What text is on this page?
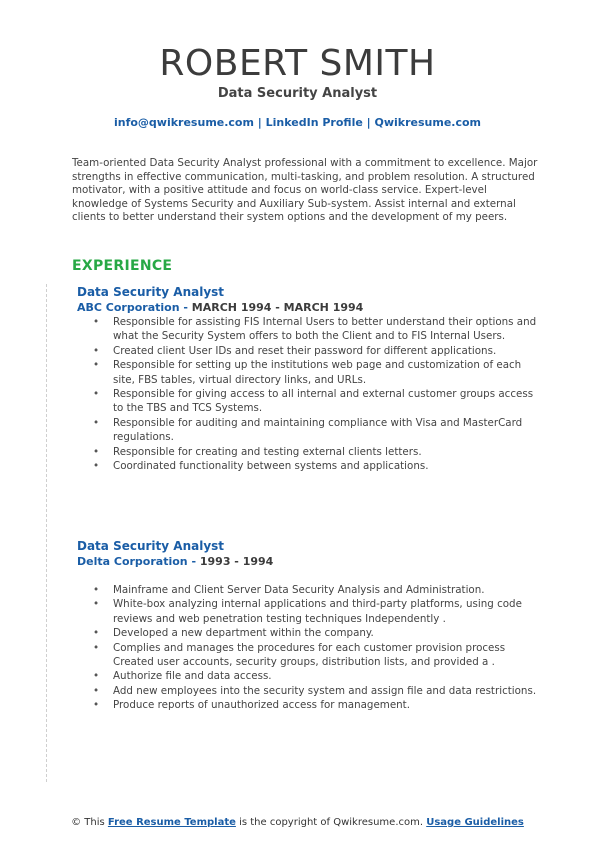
ROBERT SMITH
Data Security Analyst
info@qwikresume.com | LinkedIn Profile | Qwikresume.com
Team-oriented Data Security Analyst professional with a commitment to excellence. Major strengths in effective communication, multi-tasking, and problem resolution. A structured motivator, with a positive attitude and focus on world-class service. Expert-level knowledge of Systems Security and Auxiliary Sub-system. Assist internal and external clients to better understand their system options and the development of my peers.
EXPERIENCE
Data Security Analyst
ABC Corporation - MARCH 1994 - MARCH 1994
• Responsible for assisting FIS Internal Users to better understand their options and what the Security System offers to both the Client and to FIS Internal Users.
• Created client User IDs and reset their password for different applications.
• Responsible for setting up the institutions web page and customization of each site, FBS tables, virtual directory links, and URLs.
• Responsible for giving access to all internal and external customer groups access to the TBS and TCS Systems.
• Responsible for auditing and maintaining compliance with Visa and MasterCard regulations.
• Responsible for creating and testing external clients letters.
• Coordinated functionality between systems and applications.
Data Security Analyst
Delta Corporation - 1993 - 1994
• Mainframe and Client Server Data Security Analysis and Administration.
• White-box analyzing internal applications and third-party platforms, using code reviews and web penetration testing techniques Independently .
• Developed a new department within the company.
• Complies and manages the procedures for each customer provision process Created user accounts, security groups, distribution lists, and provided a .
• Authorize file and data access.
• Add new employees into the security system and assign file and data restrictions.
• Produce reports of unauthorized access for management.
© This Free Resume Template is the copyright of Qwikresume.com. Usage Guidelines
